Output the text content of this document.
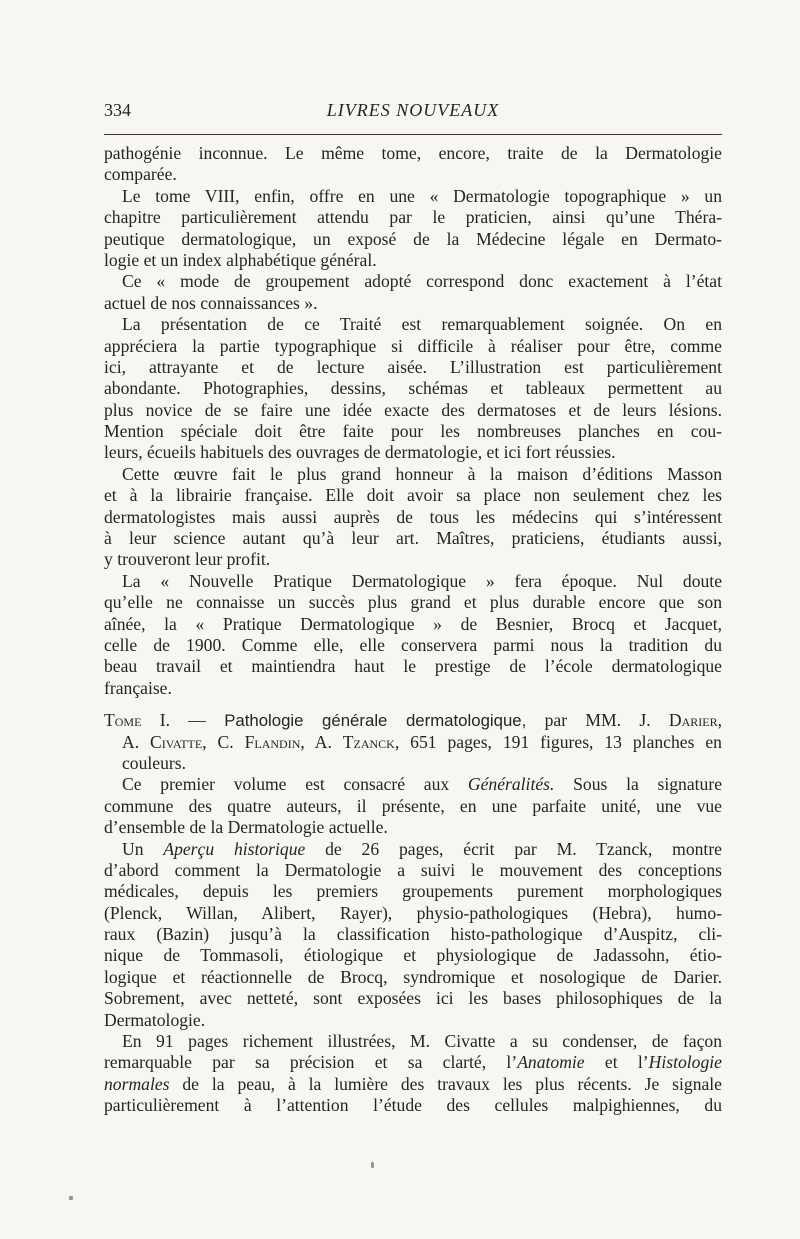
334	LIVRES NOUVEAUX
pathogénie inconnue. Le même tome, encore, traite de la Dermatologie
comparée.
Le tome VIII, enfin, offre en une « Dermatologie topographique » un
chapitre particulièrement attendu par le praticien, ainsi qu’une Théra-
peutique dermatologique, un exposé de la Médecine légale en Dermato-
logie et un index alphabétique général.
Ce « mode de groupement adopté correspond donc exactement à l’état
actuel de nos connaissances ».
La présentation de ce Traité est remarquablement soignée. On en
appréciera la partie typographique si difficile à réaliser pour être, comme
ici, attrayante et de lecture aisée. L’illustration est particulièrement
abondante. Photographies, dessins, schémas et tableaux permettent au
plus novice de se faire une idée exacte des dermatoses et de leurs lésions.
Mention spéciale doit être faite pour les nombreuses planches en cou-
leurs, écueils habituels des ouvrages de dermatologie, et ici fort réussies.
Cette œuvre fait le plus grand honneur à la maison d’éditions Masson
et à la librairie française. Elle doit avoir sa place non seulement chez les
dermatologistes mais aussi auprès de tous les médecins qui s’intéressent
à leur science autant qu’à leur art. Maîtres, praticiens, étudiants aussi,
y trouveront leur profit.
La « Nouvelle Pratique Dermatologique » fera époque. Nul doute
qu’elle ne connaisse un succès plus grand et plus durable encore que son
aînée, la « Pratique Dermatologique » de Besnier, Brocq et Jacquet,
celle de 1900. Comme elle, elle conservera parmi nous la tradition du
beau travail et maintiendra haut le prestige de l’école dermatologique
française.
Tome I. — Pathologie générale dermatologique, par MM. J. Darier,
A. Civatte, C. Flandin, A. Tzanck, 651 pages, 191 figures, 13 planches en
couleurs.
Ce premier volume est consacré aux Généralités. Sous la signature
commune des quatre auteurs, il présente, en une parfaite unité, une vue
d’ensemble de la Dermatologie actuelle.
Un Aperçu historique de 26 pages, écrit par M. Tzanck, montre
d’abord comment la Dermatologie a suivi le mouvement des conceptions
médicales, depuis les premiers groupements purement morphologiques
(Plenck, Willan, Alibert, Rayer), physio-pathologiques (Hebra), humo-
raux (Bazin) jusqu’à la classification histo-pathologique d’Auspitz, cli-
nique de Tommasoli, étiologique et physiologique de Jadassohn, étio-
logique et réactionnelle de Brocq, syndromique et nosologique de Darier.
Sobrement, avec netteté, sont exposées ici les bases philosophiques de la
Dermatologie.
En 91 pages richement illustrées, M. Civatte a su condenser, de façon
remarquable par sa précision et sa clarté, l’Anatomie et l’Histologie
normales de la peau, à la lumière des travaux les plus récents. Je signale
particulièrement à l’attention l’étude des cellules malpighiennes, du
